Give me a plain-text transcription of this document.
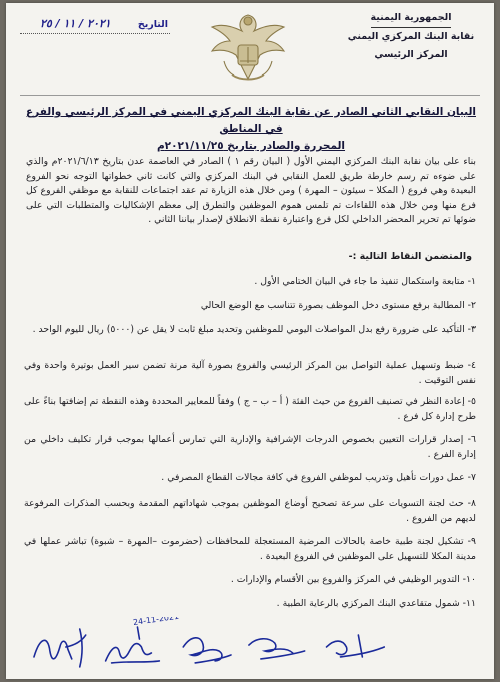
الجمهورية اليمنية
نقابة البنك المركزي اليمني
المركز الرئيسي
٢٠٢١ / ١١ / ٢٥	التاريخ
البيان النقابي الثاني الصادر عن نقابة البنك المركزي اليمني في المركز الرئيسي والفرع في المناطق
المحررة والصادر بتاريخ ٢٠٢١/١١/٢٥م
بناء على بيان نقابة البنك المركزي اليمني الأول ( البيان رقم ١ ) الصادر في العاصمة عدن بتاريخ ٢٠٢١/٦/١٣م والذي على ضوءه تم رسم خارطة طريق للعمل النقابي في البنك المركزي والتي كانت ثاني خطواتها التوجه نحو الفروع البعيدة وهي فروع ( المكلا – سيئون – المهرة ) ومن خلال هذه الزيارة تم عقد اجتماعات للنقابة مع موظفي الفروع كل فرع منها ومن خلال هذه اللقاءات تم تلمس هموم الموظفين والتطرق إلى معظم الإشكاليات والمتطلبات التي على ضوئها تم تحرير المحضر الداخلي لكل فرع واعتبارة نقطة الانطلاق لإصدار بياننا الثاني .
والمتضمن النقاط التالية :-
١- متابعة واستكمال تنفيذ ما جاء في البيان الختامي الأول .
٢- المطالبة برفع مستوى دخل الموظف بصورة تتناسب مع الوضع الحالي
٣- التأكيد على ضرورة رفع بدل المواصلات اليومي للموظفين وتحديد مبلغ ثابت لا يقل عن (٥٠٠٠) ريال لليوم الواحد .
٤- ضبط وتسهيل عملية التواصل بين المركز الرئيسي والفروع بصورة آلية مرنة تضمن سير العمل بوتيرة واحدة وفي نفس التوقيت .
٥- إعادة النظر في تصنيف الفروع من حيث الفئة ( أ – ب – ج ) وفقاً للمعايير المحددة وهذه النقطة تم إضافتها بناءً على طرح إدارة كل فرع .
٦- إصدار قرارات التعيين بخصوص الدرجات الإشرافية والإدارية التي تمارس أعمالها بموجب قرار تكليف داخلي من إدارة الفرع .
٧- عمل دورات تأهيل وتدريب لموظفي الفروع في كافة مجالات القطاع المصرفي .
٨- حث لجنة التسويات على سرعة تصحيح أوضاع الموظفين بموجب شهاداتهم المقدمة وبحسب المذكرات المرفوعة لديهم من الفروع .
٩- تشكيل لجنة طبية خاصة بالحالات المرضية المستعجلة للمحافظات (حضرموت –المهرة – شبوة) تباشر عملها في مدينة المكلا للتسهيل على الموظفين في الفروع البعيدة .
١٠- التدوير الوظيفي في المركز والفروع بين الأقسام والإدارات .
١١- شمول متقاعدي البنك المركزي بالرعاية الطبية .
24-11-2021
